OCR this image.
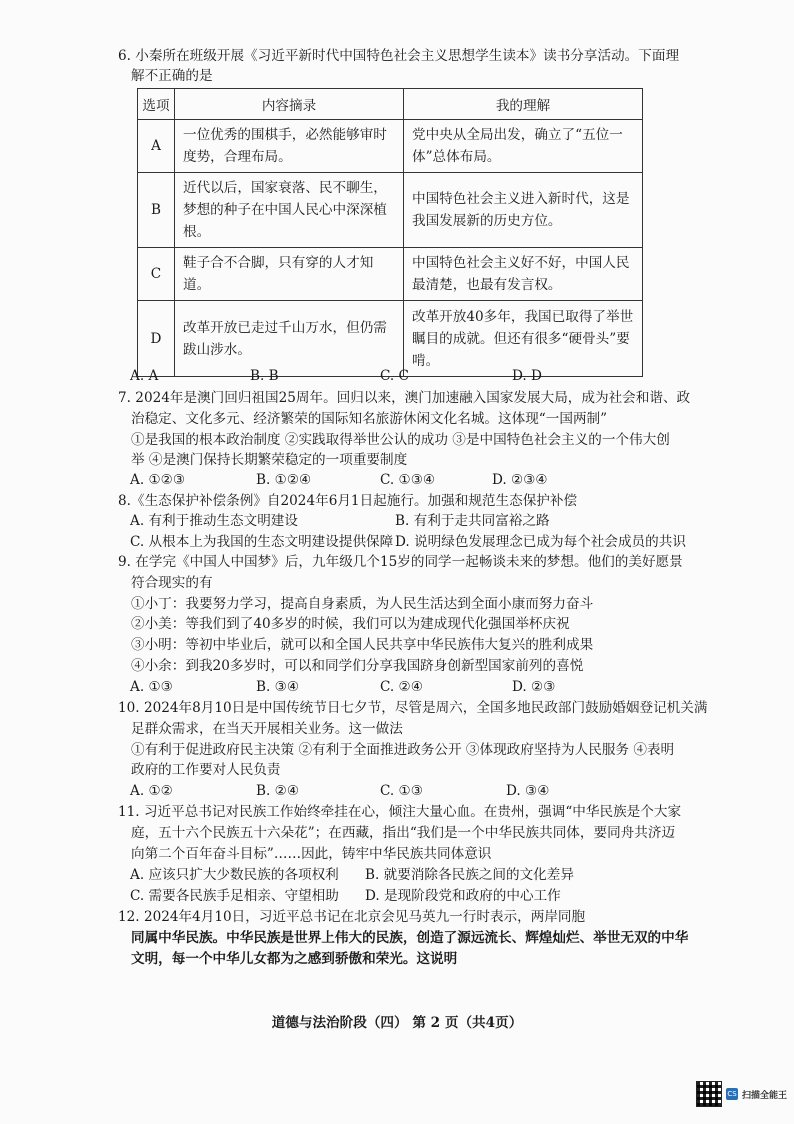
6. 小秦所在班级开展《习近平新时代中国特色社会主义思想学生读本》读书分享活动。下面理
解不正确的是
选项	内容摘录	我的理解
A	一位优秀的围棋手，必然能够审时度势，合理布局。	党中央从全局出发，确立了“五位一体”总体布局。
B	近代以后，国家衰落、民不聊生，梦想的种子在中国人民心中深深植根。	中国特色社会主义进入新时代，这是我国发展新的历史方位。
C	鞋子合不合脚，只有穿的人才知道。	中国特色社会主义好不好，中国人民最清楚，也最有发言权。
D	改革开放已走过千山万水，但仍需跋山涉水。	改革开放40多年，我国已取得了举世瞩目的成就。但还有很多“硬骨头”要啃。
A. A	B. B	C. C	D. D
7. 2024年是澳门回归祖国25周年。回归以来，澳门加速融入国家发展大局，成为社会和谐、政
治稳定、文化多元、经济繁荣的国际知名旅游休闲文化名城。这体现“一国两制”
①是我国的根本政治制度 ②实践取得举世公认的成功 ③是中国特色社会主义的一个伟大创
举 ④是澳门保持长期繁荣稳定的一项重要制度
A. ①②③	B. ①②④	C. ①③④	D. ②③④
8.《生态保护补偿条例》自2024年6月1日起施行。加强和规范生态保护补偿
A. 有利于推动生态文明建设	B. 有利于走共同富裕之路
C. 从根本上为我国的生态文明建设提供保障 D. 说明绿色发展理念已成为每个社会成员的共识
9. 在学完《中国人中国梦》后，九年级几个15岁的同学一起畅谈未来的梦想。他们的美好愿景
符合现实的有
①小丁：我要努力学习，提高自身素质，为人民生活达到全面小康而努力奋斗
②小美：等我们到了40多岁的时候，我们可以为建成现代化强国举杯庆祝
③小明：等初中毕业后，就可以和全国人民共享中华民族伟大复兴的胜利成果
④小余：到我20多岁时，可以和同学们分享我国跻身创新型国家前列的喜悦
A. ①③	B. ③④	C. ②④	D. ②③
10. 2024年8月10日是中国传统节日七夕节，尽管是周六，全国多地民政部门鼓励婚姻登记机关满
足群众需求，在当天开展相关业务。这一做法
①有利于促进政府民主决策 ②有利于全面推进政务公开 ③体现政府坚持为人民服务 ④表明
政府的工作要对人民负责
A. ①②	B. ②④	C. ①③	D. ③④
11. 习近平总书记对民族工作始终牵挂在心，倾注大量心血。在贵州，强调“中华民族是个大家
庭，五十六个民族五十六朵花”；在西藏，指出“我们是一个中华民族共同体，要同舟共济迈
向第二个百年奋斗目标”……因此，铸牢中华民族共同体意识
A. 应该只扩大少数民族的各项权利 B. 就要消除各民族之间的文化差异
C. 需要各民族手足相亲、守望相助 D. 是现阶段党和政府的中心工作
12. 2024年4月10日，习近平总书记在北京会见马英九一行时表示，两岸同胞
同属中华民族。中华民族是世界上伟大的民族，创造了源远流长、辉煌灿烂、举世无双的中华
文明，每一个中华儿女都为之感到骄傲和荣光。这说明
道德与法治阶段（四） 第 2 页（共4页）
CS 扫描全能王
